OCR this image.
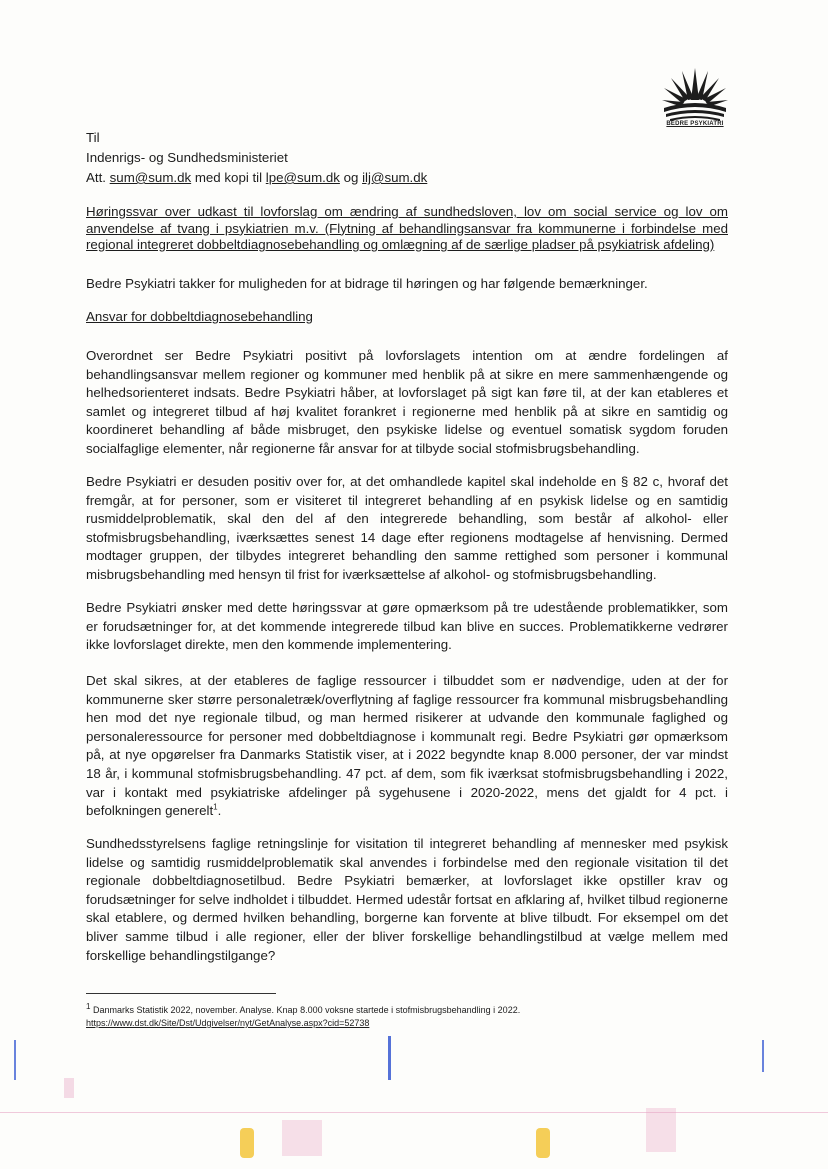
BEDRE PSYKIATRI
Til
Indenrigs- og Sundhedsministeriet
Att. sum@sum.dk med kopi til lpe@sum.dk og ilj@sum.dk
Høringssvar over udkast til lovforslag om ændring af sundhedsloven, lov om social service og lov om anvendelse af tvang i psykiatrien m.v. (Flytning af behandlingsansvar fra kommunerne i forbindelse med regional integreret dobbeltdiagnosebehandling og omlægning af de særlige pladser på psykiatrisk afdeling)

Bedre Psykiatri takker for muligheden for at bidrage til høringen og har følgende bemærkninger.

Ansvar for dobbeltdiagnosebehandling

Overordnet ser Bedre Psykiatri positivt på lovforslagets intention om at ændre fordelingen af behandlingsansvar mellem regioner og kommuner med henblik på at sikre en mere sammenhængende og helhedsorienteret indsats. Bedre Psykiatri håber, at lovforslaget på sigt kan føre til, at der kan etableres et samlet og integreret tilbud af høj kvalitet forankret i regionerne med henblik på at sikre en samtidig og koordineret behandling af både misbruget, den psykiske lidelse og eventuel somatisk sygdom foruden socialfaglige elementer, når regionerne får ansvar for at tilbyde social stofmisbrugsbehandling.

Bedre Psykiatri er desuden positiv over for, at det omhandlede kapitel skal indeholde en § 82 c, hvoraf det fremgår, at for personer, som er visiteret til integreret behandling af en psykisk lidelse og en samtidig rusmiddelproblematik, skal den del af den integrerede behandling, som består af alkohol- eller stofmisbrugsbehandling, iværksættes senest 14 dage efter regionens modtagelse af henvisning. Dermed modtager gruppen, der tilbydes integreret behandling den samme rettighed som personer i kommunal misbrugsbehandling med hensyn til frist for iværksættelse af alkohol- og stofmisbrugsbehandling.

Bedre Psykiatri ønsker med dette høringssvar at gøre opmærksom på tre udestående problematikker, som er forudsætninger for, at det kommende integrerede tilbud kan blive en succes. Problematikkerne vedrører ikke lovforslaget direkte, men den kommende implementering.

Det skal sikres, at der etableres de faglige ressourcer i tilbuddet som er nødvendige, uden at der for kommunerne sker større personaletræk/overflytning af faglige ressourcer fra kommunal misbrugsbehandling hen mod det nye regionale tilbud, og man hermed risikerer at udvande den kommunale faglighed og personaleressource for personer med dobbeltdiagnose i kommunalt regi. Bedre Psykiatri gør opmærksom på, at nye opgørelser fra Danmarks Statistik viser, at i 2022 begyndte knap 8.000 personer, der var mindst 18 år, i kommunal stofmisbrugsbehandling. 47 pct. af dem, som fik iværksat stofmisbrugsbehandling i 2022, var i kontakt med psykiatriske afdelinger på sygehusene i 2020-2022, mens det gjaldt for 4 pct. i befolkningen generelt$^1$.

Sundhedsstyrelsens faglige retningslinje for visitation til integreret behandling af mennesker med psykisk lidelse og samtidig rusmiddelproblematik skal anvendes i forbindelse med den regionale visitation til det regionale dobbeltdiagnosetilbud. Bedre Psykiatri bemærker, at lovforslaget ikke opstiller krav og forudsætninger for selve indholdet i tilbuddet. Hermed udestår fortsat en afklaring af, hvilket tilbud regionerne skal etablere, og dermed hvilken behandling, borgerne kan forvente at blive tilbudt. For eksempel om det bliver samme tilbud i alle regioner, eller der bliver forskellige behandlingstilbud at vælge mellem med forskellige behandlingstilgange?

$^1$ Danmarks Statistik 2022, november. Analyse. Knap 8.000 voksne startede i stofmisbrugsbehandling i 2022.
https://www.dst.dk/Site/Dst/Udgivelser/nyt/GetAnalyse.aspx?cid=52738
